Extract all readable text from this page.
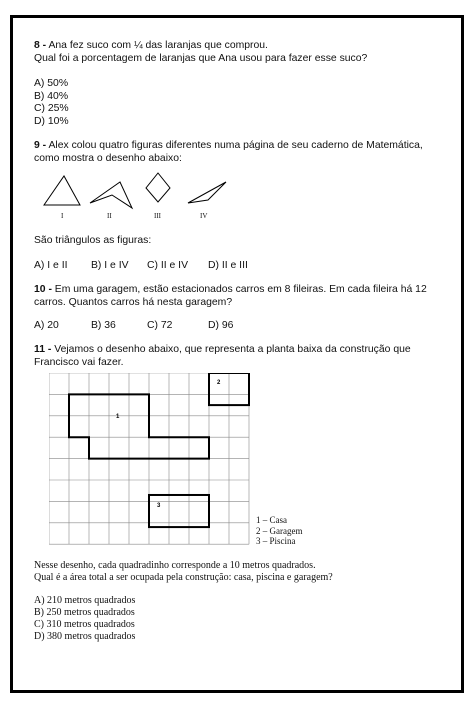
8 - Ana fez suco com ¼ das laranjas que comprou.
Qual foi a porcentagem de laranjas que Ana usou para fazer esse suco?
A) 50%
B) 40%
C) 25%
D) 10%
9 - Alex colou quatro figuras diferentes numa página de seu caderno de Matemática,
como mostra o desenho abaixo:
I	II	III	IV
São triângulos as figuras:
A) I e II B) I e IV C) II e IV D) II e III
10 - Em uma garagem, estão estacionados carros em 8 fileiras. Em cada fileira há 12
carros. Quantos carros há nesta garagem?
A) 20	B) 36	C) 72	D) 96
11 - Vejamos o desenho abaixo, que representa a planta baixa da construção que
Francisco vai fazer.
1
2
3
1 – Casa
2 – Garagem
3 – Piscina
Nesse desenho, cada quadradinho corresponde a 10 metros quadrados.
Qual é a área total a ser ocupada pela construção: casa, piscina e garagem?
A) 210 metros quadrados
B) 250 metros quadrados
C) 310 metros quadrados
D) 380 metros quadrados
